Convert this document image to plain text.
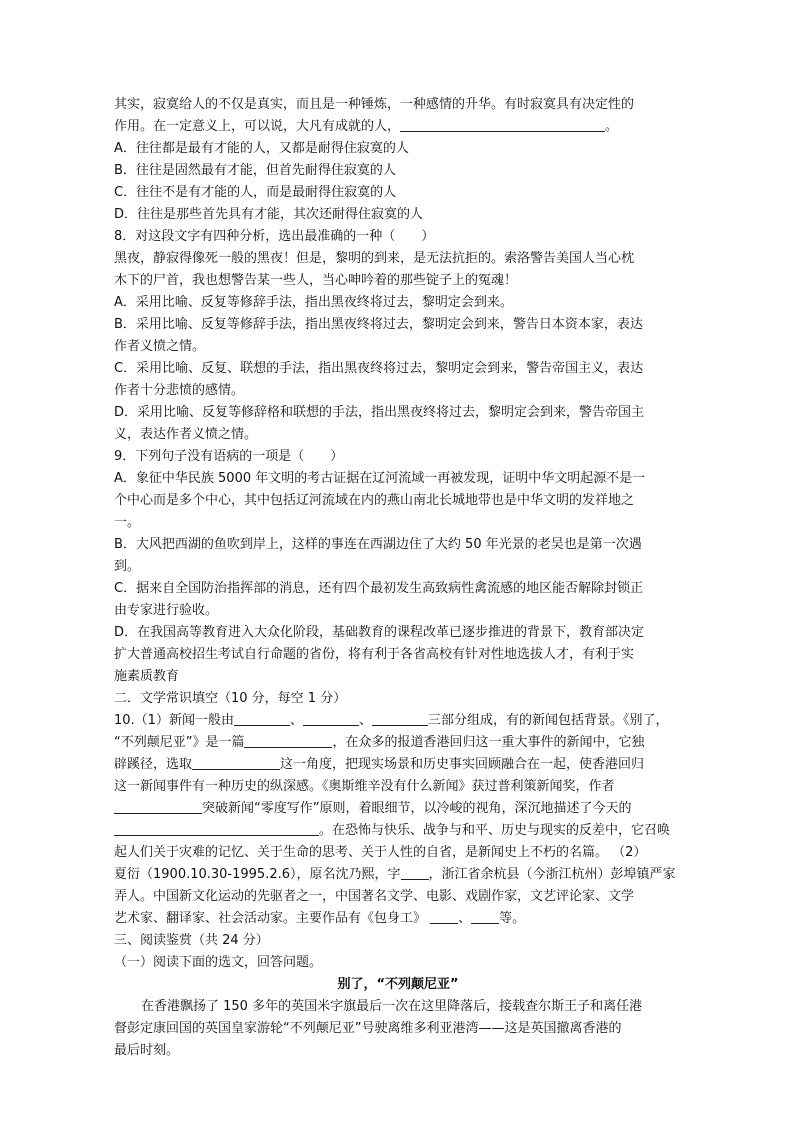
其实，寂寞给人的不仅是真实，而且是一种锤炼，一种感情的升华。有时寂寞具有决定性的
作用。在一定意义上，可以说，大凡有成就的人，	。
A．往往都是最有才能的人，又都是耐得住寂寞的人
B．往往是固然最有才能，但首先耐得住寂寞的人
C．往往不是有才能的人，而是最耐得住寂寞的人
D．往往是那些首先具有才能，其次还耐得住寂寞的人
8．对这段文字有四种分析，选出最准确的一种（　　）
黑夜，静寂得像死一般的黑夜！但是，黎明的到来，是无法抗拒的。索洛警告美国人当心枕
木下的尸首，我也想警告某一些人，当心呻吟着的那些锭子上的冤魂！
A．采用比喻、反复等修辞手法，指出黑夜终将过去，黎明定会到来。
B．采用比喻、反复等修辞手法，指出黑夜终将过去，黎明定会到来，警告日本资本家，表达
作者义愤之情。
C．采用比喻、反复、联想的手法，指出黑夜终将过去，黎明定会到来，警告帝国主义，表达
作者十分悲愤的感情。
D．采用比喻、反复等修辞格和联想的手法，指出黑夜终将过去，黎明定会到来，警告帝国主
义，表达作者义愤之情。
9．下列句子没有语病的一项是（　　）
A．象征中华民族 5000 年文明的考古证据在辽河流域一再被发现，证明中华文明起源不是一
个中心而是多个中心，其中包括辽河流域在内的燕山南北长城地带也是中华文明的发祥地之
一。
B．大风把西湖的鱼吹到岸上，这样的事连在西湖边住了大约 50 年光景的老吴也是第一次遇
到。
C．据来自全国防治指挥部的消息，还有四个最初发生高致病性禽流感的地区能否解除封锁正
由专家进行验收。
D．在我国高等教育进入大众化阶段，基础教育的课程改革已逐步推进的背景下，教育部决定
扩大普通高校招生考试自行命题的省份，将有利于各省高校有针对性地选拔人才，有利于实
施素质教育
二．文学常识填空（10 分，每空 1 分）
10.（1）新闻一般由	、	、	三部分组成，有的新闻包括背景。《别了，
“不列颠尼亚”》是一篇	，在众多的报道香港回归这一重大事件的新闻中，它独
辟蹊径，选取	这一角度，把现实场景和历史事实回顾融合在一起，使香港回归
这一新闻事件有一种历史的纵深感。《奥斯维辛没有什么新闻》获过普利策新闻奖，作者
突破新闻“零度写作”原则，着眼细节，以冷峻的视角，深沉地描述了今天的
。在恐怖与快乐、战争与和平、历史与现实的反差中，它召唤
起人们关于灾难的记忆、关于生命的思考、关于人性的自省，是新闻史上不朽的名篇。 （2）
夏衍（1900.10.30-1995.2.6），原名沈乃熙，字 ，浙江省余杭县（今浙江杭州）彭埠镇严家
弄人。中国新文化运动的先驱者之一，中国著名文学、电影、戏剧作家，文艺评论家、文学
艺术家、翻译家、社会活动家。主要作品有《包身工》 、 等。
三、阅读鉴赏（共 24 分）
（一）阅读下面的选文，回答问题。
别了，“不列颠尼亚”
在香港飘扬了 150 多年的英国米字旗最后一次在这里降落后，接载查尔斯王子和离任港
督彭定康回国的英国皇家游轮“不列颠尼亚”号驶离维多利亚港湾——这是英国撤离香港的
最后时刻。
